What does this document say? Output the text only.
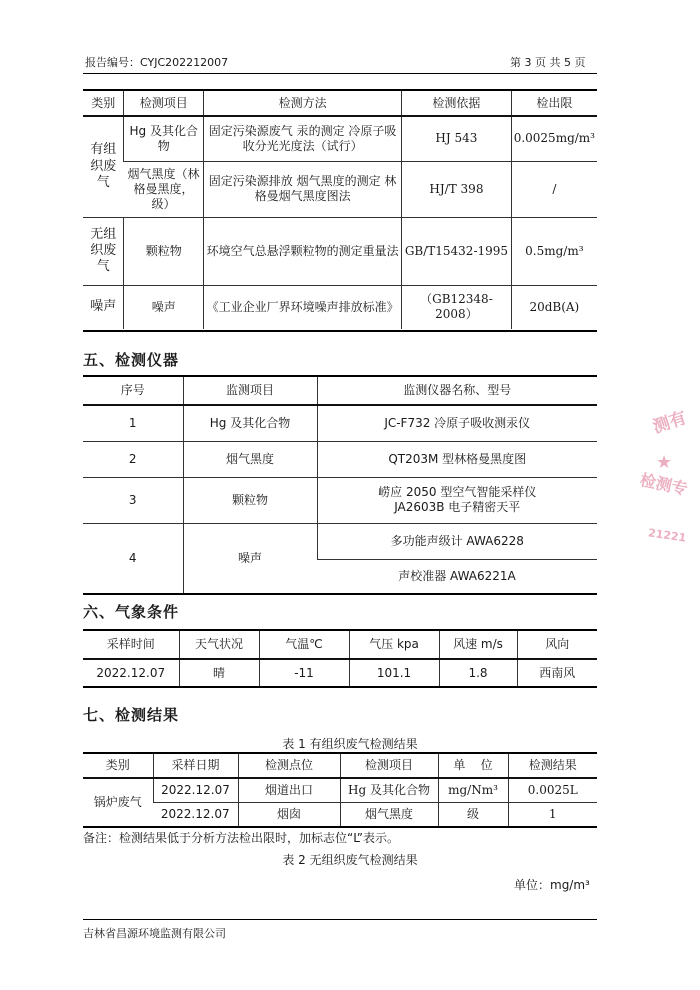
报告编号：CYJC202212007	第 3 页 共 5 页
类别	检测项目	检测方法	检测依据	检出限
有组织废气	Hg 及其化合物	固定污染源废气 汞的测定 冷原子吸收分光光度法（试行）	HJ 543	0.0025mg/m³
	烟气黑度（林格曼黑度，级）	固定污染源排放 烟气黑度的测定 林格曼烟气黑度图法	HJ/T 398	/
无组织废气	颗粒物	环境空气总悬浮颗粒物的测定重量法	GB/T15432-1995	0.5mg/m³
噪声	噪声	《工业企业厂界环境噪声排放标准》	（GB12348-2008）	20dB(A)
五、检测仪器
序号	监测项目	监测仪器名称、型号
1	Hg 及其化合物	JC-F732 冷原子吸收测汞仪
2	烟气黑度	QT203M 型林格曼黑度图
3	颗粒物	崂应 2050 型空气智能采样仪
JA2603B 电子精密天平

4	噪声	多功能声级计 AWA6228
		声校准器 AWA6221A
六、气象条件
采样时间	天气状况	气温℃	气压 kpa	风速 m/s	风向
2022.12.07	晴	-11	101.1	1.8	西南风
七、检测结果
表 1 有组织废气检测结果
类别	采样日期	检测点位	检测项目	单    位	检测结果
锅炉废气	2022.12.07	烟道出口	Hg 及其化合物	mg/Nm³	0.0025L
	2022.12.07	烟囱	烟气黑度	级	1
备注：检测结果低于分析方法检出限时，加标志位“L”表示。
表 2 无组织废气检测结果
单位：mg/m³
吉林省昌源环境监测有限公司
测有
检测专
21221
★
